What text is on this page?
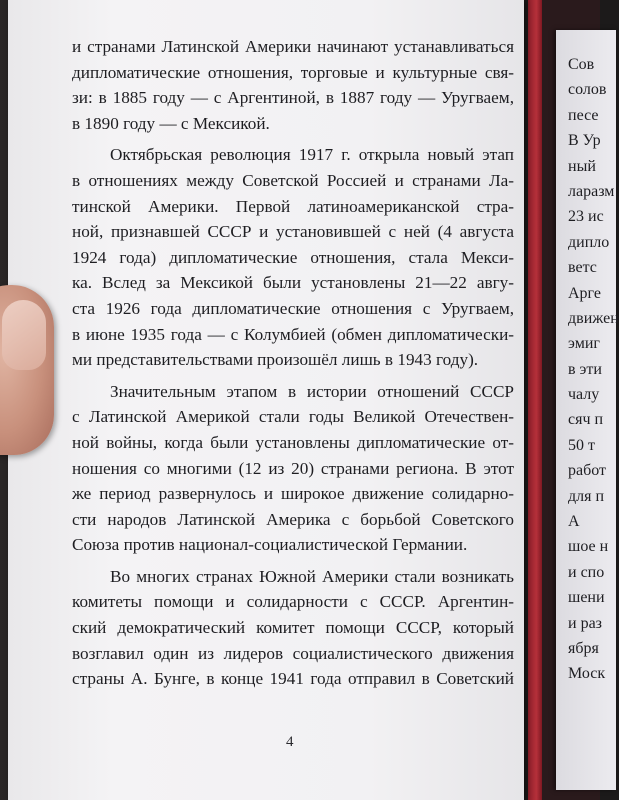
Сов
солов
песе
В Ур
ный
ларазм
23 ис
дипло
ветс
Арге
движен
эмиг
в эти
чалу
сяч п
50 т
работ
для п
А
шое н
и спо
шени
и раз
ября
Моск
и странами Латинской Америки начинают устанавливаться
дипломатические отношения, торговые и культурные свя-
зи: в 1885 году — с Аргентиной, в 1887 году — Уругваем,
в 1890 году — с Мексикой.
Октябрьская революция 1917 г. открыла новый этап
в отношениях между Советской Россией и странами Ла-
тинской Америки. Первой латиноамериканской стра-
ной, признавшей СССР и установившей с ней (4 августа
1924 года) дипломатические отношения, стала Мекси-
ка. Вслед за Мексикой были установлены 21—22 авгу-
ста 1926 года дипломатические отношения с Уругваем,
в июне 1935 года — с Колумбией (обмен дипломатически-
ми представительствами произошёл лишь в 1943 году).
Значительным этапом в истории отношений СССР
с Латинской Америкой стали годы Великой Отечествен-
ной войны, когда были установлены дипломатические от-
ношения со многими (12 из 20) странами региона. В этот
же период развернулось и широкое движение солидарно-
сти народов Латинской Америка с борьбой Советского
Союза против национал-социалистической Германии.
Во многих странах Южной Америки стали возникать
комитеты помощи и солидарности с СССР. Аргентин-
ский демократический комитет помощи СССР, который
возглавил один из лидеров социалистического движения
страны А. Бунге, в конце 1941 года отправил в Советский
4
